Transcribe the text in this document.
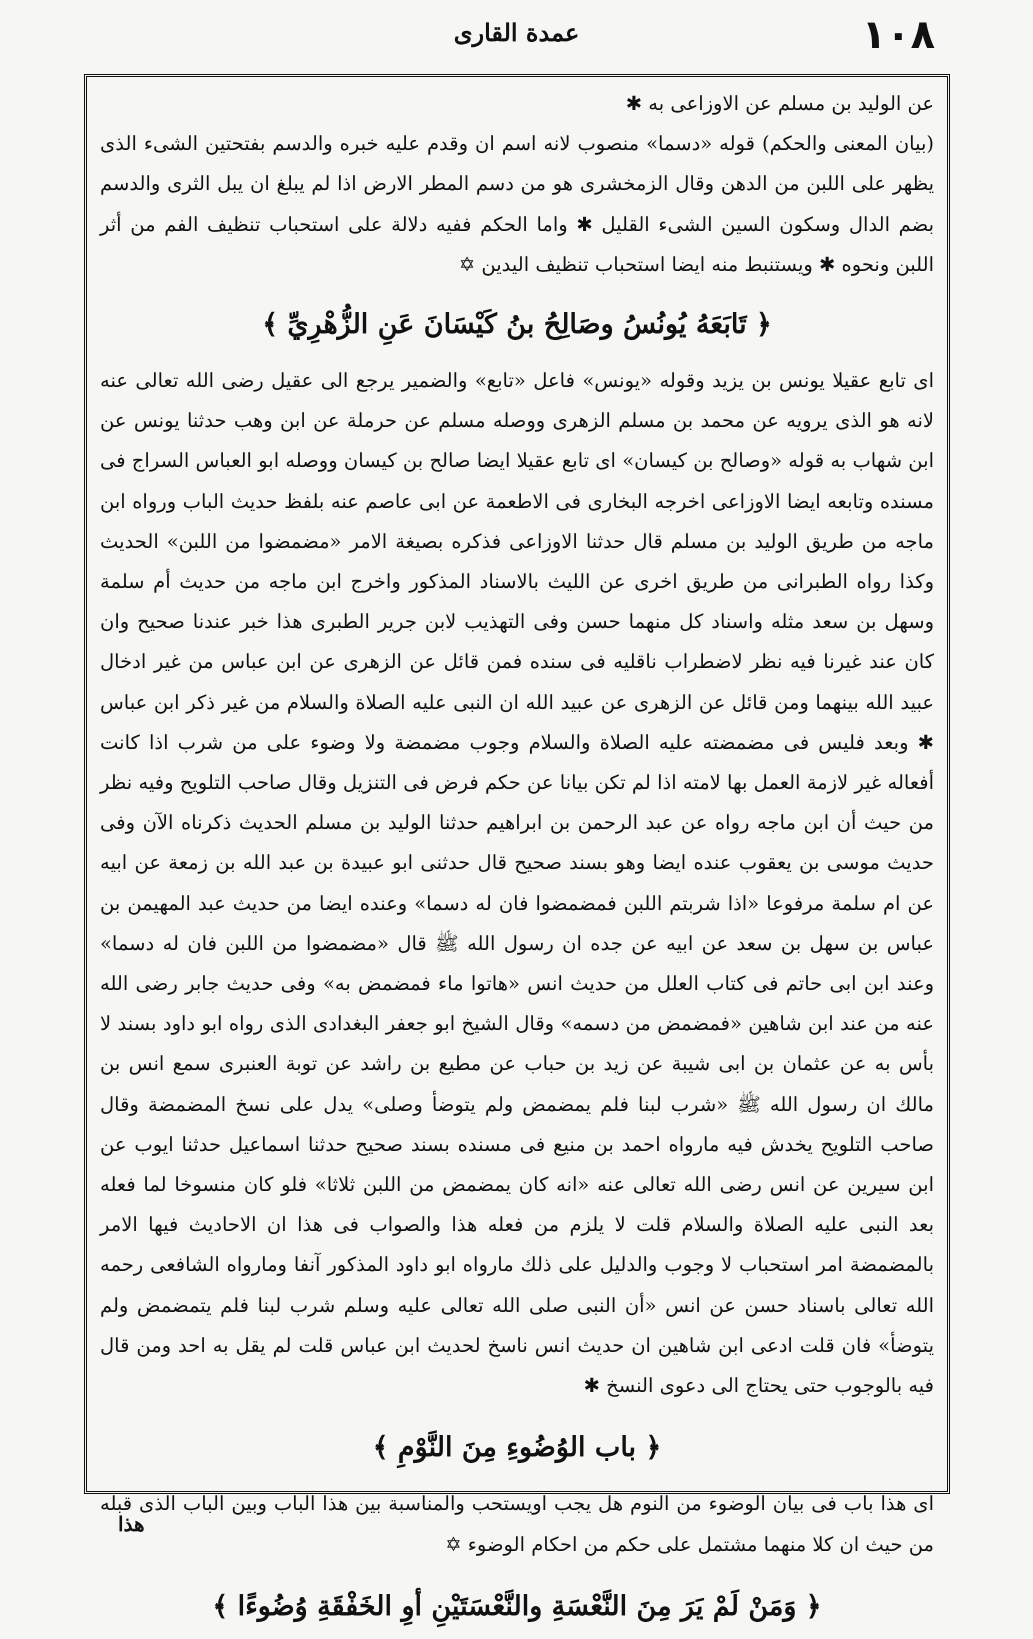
١٠٨
عمدة القارى

عن الوليد بن مسلم عن الاوزاعى به ✱

(بيان المعنى والحكم) قوله «دسما» منصوب لانه اسم ان وقدم عليه خبره والدسم بفتحتين الشىء الذى يظهر على اللبن من الدهن وقال الزمخشرى هو من دسم المطر الارض اذا لم يبلغ ان يبل الثرى والدسم بضم الدال وسكون السين الشىء القليل ✱ واما الحكم ففيه دلالة على استحباب تنظيف الفم من أثر اللبن ونحوه ✱ ويستنبط منه ايضا استحباب تنظيف اليدين ✡

﴿ تَابَعَهُ يُونُسُ وصَالِحُ بنُ كَيْسَانَ عَنِ الزُّهْرِيِّ ﴾

اى تابع عقيلا يونس بن يزيد وقوله «يونس» فاعل «تابع» والضمير يرجع الى عقيل رضى الله تعالى عنه لانه هو الذى يرويه عن محمد بن مسلم الزهرى ووصله مسلم عن حرملة عن ابن وهب حدثنا يونس عن ابن شهاب به قوله «وصالح بن كيسان» اى تابع عقيلا ايضا صالح بن كيسان ووصله ابو العباس السراج فى مسنده وتابعه ايضا الاوزاعى اخرجه البخارى فى الاطعمة عن ابى عاصم عنه بلفظ حديث الباب ورواه ابن ماجه من طريق الوليد بن مسلم قال حدثنا الاوزاعى فذكره بصيغة الامر «مضمضوا من اللبن» الحديث وكذا رواه الطبرانى من طريق اخرى عن الليث بالاسناد المذكور واخرج ابن ماجه من حديث أم سلمة وسهل بن سعد مثله واسناد كل منهما حسن وفى التهذيب لابن جرير الطبرى هذا خبر عندنا صحيح وان كان عند غيرنا فيه نظر لاضطراب ناقليه فى سنده فمن قائل عن الزهرى عن ابن عباس من غير ادخال عبيد الله بينهما ومن قائل عن الزهرى عن عبيد الله ان النبى عليه الصلاة والسلام من غير ذكر ابن عباس ✱ وبعد فليس فى مضمضته عليه الصلاة والسلام وجوب مضمضة ولا وضوء على من شرب اذا كانت أفعاله غير لازمة العمل بها لامته اذا لم تكن بيانا عن حكم فرض فى التنزيل وقال صاحب التلويح وفيه نظر من حيث أن ابن ماجه رواه عن عبد الرحمن بن ابراهيم حدثنا الوليد بن مسلم الحديث ذكرناه الآن وفى حديث موسى بن يعقوب عنده ايضا وهو بسند صحيح قال حدثنى ابو عبيدة بن عبد الله بن زمعة عن ابيه عن ام سلمة مرفوعا «اذا شربتم اللبن فمضمضوا فان له دسما» وعنده ايضا من حديث عبد المهيمن بن عباس بن سهل بن سعد عن ابيه عن جده ان رسول الله ﷺ قال «مضمضوا من اللبن فان له دسما» وعند ابن ابى حاتم فى كتاب العلل من حديث انس «هاتوا ماء فمضمض به» وفى حديث جابر رضى الله عنه من عند ابن شاهين «فمضمض من دسمه» وقال الشيخ ابو جعفر البغدادى الذى رواه ابو داود بسند لا بأس به عن عثمان بن ابى شيبة عن زيد بن حباب عن مطيع بن راشد عن توبة العنبرى سمع انس بن مالك ان رسول الله ﷺ «شرب لبنا فلم يمضمض ولم يتوضأ وصلى» يدل على نسخ المضمضة وقال صاحب التلويح يخدش فيه مارواه احمد بن منيع فى مسنده بسند صحيح حدثنا اسماعيل حدثنا ايوب عن ابن سيرين عن انس رضى الله تعالى عنه «انه كان يمضمض من اللبن ثلاثا» فلو كان منسوخا لما فعله بعد النبى عليه الصلاة والسلام قلت لا يلزم من فعله هذا والصواب فى هذا ان الاحاديث فيها الامر بالمضمضة امر استحباب لا وجوب والدليل على ذلك مارواه ابو داود المذكور آنفا ومارواه الشافعى رحمه الله تعالى باسناد حسن عن انس «أن النبى صلى الله تعالى عليه وسلم شرب لبنا فلم يتمضمض ولم يتوضأ» فان قلت ادعى ابن شاهين ان حديث انس ناسخ لحديث ابن عباس قلت لم يقل به احد ومن قال فيه بالوجوب حتى يحتاج الى دعوى النسخ ✱

﴿ باب الوُضُوءِ مِنَ النَّوْمِ ﴾

اى هذا باب فى بيان الوضوء من النوم هل يجب اويستحب والمناسبة بين هذا الباب وبين الباب الذى قبله من حيث ان كلا منهما مشتمل على حكم من احكام الوضوء ✡

﴿ وَمَنْ لَمْ يَرَ مِنَ النَّعْسَةِ والنَّعْسَتَيْنِ أوِ الخَفْقَةِ وُضُوءًا ﴾
هذا
